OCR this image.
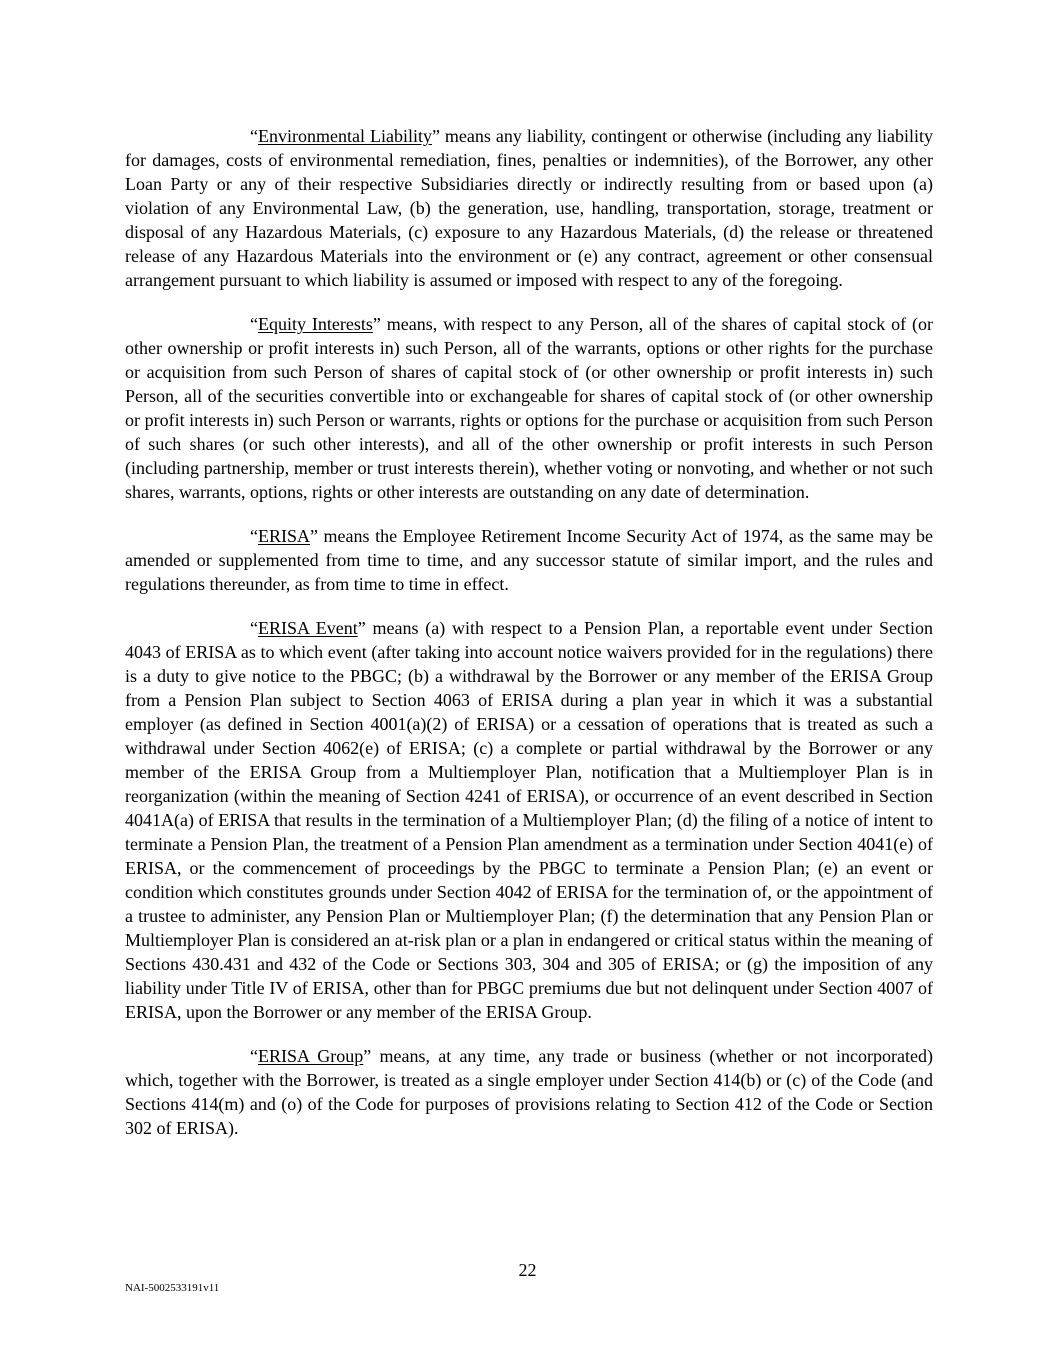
“Environmental Liability” means any liability, contingent or otherwise (including any liability for damages, costs of environmental remediation, fines, penalties or indemnities), of the Borrower, any other Loan Party or any of their respective Subsidiaries directly or indirectly resulting from or based upon (a) violation of any Environmental Law, (b) the generation, use, handling, transportation, storage, treatment or disposal of any Hazardous Materials, (c) exposure to any Hazardous Materials, (d) the release or threatened release of any Hazardous Materials into the environment or (e) any contract, agreement or other consensual arrangement pursuant to which liability is assumed or imposed with respect to any of the foregoing.

“Equity Interests” means, with respect to any Person, all of the shares of capital stock of (or other ownership or profit interests in) such Person, all of the warrants, options or other rights for the purchase or acquisition from such Person of shares of capital stock of (or other ownership or profit interests in) such Person, all of the securities convertible into or exchangeable for shares of capital stock of (or other ownership or profit interests in) such Person or warrants, rights or options for the purchase or acquisition from such Person of such shares (or such other interests), and all of the other ownership or profit interests in such Person (including partnership, member or trust interests therein), whether voting or nonvoting, and whether or not such shares, warrants, options, rights or other interests are outstanding on any date of determination.

“ERISA” means the Employee Retirement Income Security Act of 1974, as the same may be amended or supplemented from time to time, and any successor statute of similar import, and the rules and regulations thereunder, as from time to time in effect.

“ERISA Event” means (a) with respect to a Pension Plan, a reportable event under Section 4043 of ERISA as to which event (after taking into account notice waivers provided for in the regulations) there is a duty to give notice to the PBGC; (b) a withdrawal by the Borrower or any member of the ERISA Group from a Pension Plan subject to Section 4063 of ERISA during a plan year in which it was a substantial employer (as defined in Section 4001(a)(2) of ERISA) or a cessation of operations that is treated as such a withdrawal under Section 4062(e) of ERISA; (c) a complete or partial withdrawal by the Borrower or any member of the ERISA Group from a Multiemployer Plan, notification that a Multiemployer Plan is in reorganization (within the meaning of Section 4241 of ERISA), or occurrence of an event described in Section 4041A(a) of ERISA that results in the termination of a Multiemployer Plan; (d) the filing of a notice of intent to terminate a Pension Plan, the treatment of a Pension Plan amendment as a termination under Section 4041(e) of ERISA, or the commencement of proceedings by the PBGC to terminate a Pension Plan; (e) an event or condition which constitutes grounds under Section 4042 of ERISA for the termination of, or the appointment of a trustee to administer, any Pension Plan or Multiemployer Plan; (f) the determination that any Pension Plan or Multiemployer Plan is considered an at-risk plan or a plan in endangered or critical status within the meaning of Sections 430.431 and 432 of the Code or Sections 303, 304 and 305 of ERISA; or (g) the imposition of any liability under Title IV of ERISA, other than for PBGC premiums due but not delinquent under Section 4007 of ERISA, upon the Borrower or any member of the ERISA Group.

“ERISA Group” means, at any time, any trade or business (whether or not incorporated) which, together with the Borrower, is treated as a single employer under Section 414(b) or (c) of the Code (and Sections 414(m) and (o) of the Code for purposes of provisions relating to Section 412 of the Code or Section 302 of ERISA).

22
NAI-5002533191v11
